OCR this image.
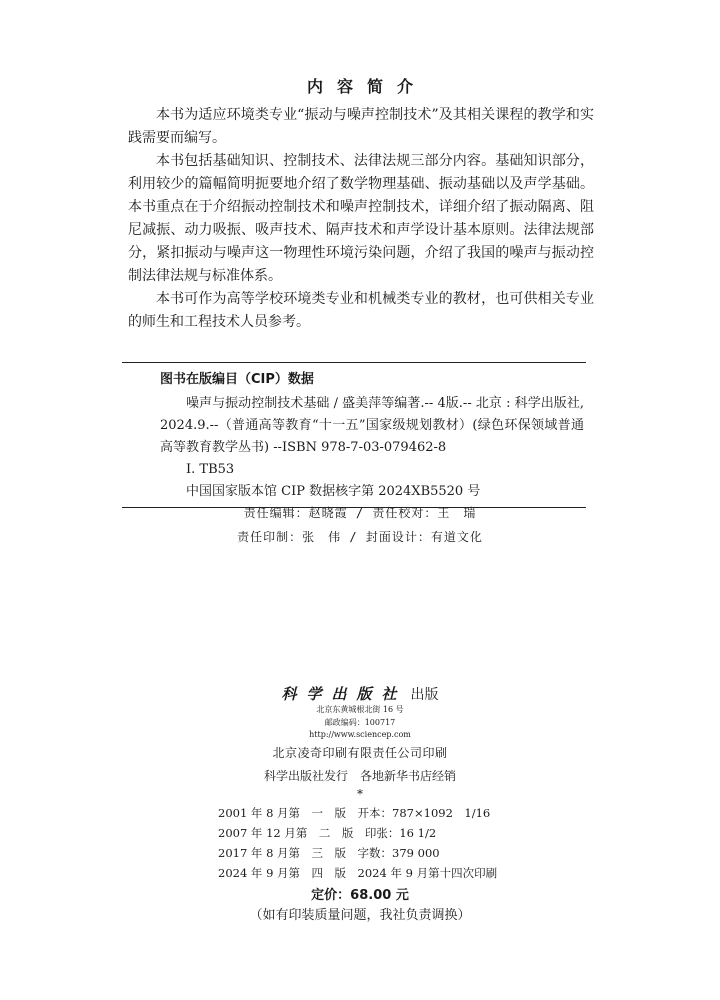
内容简介

本书为适应环境类专业“振动与噪声控制技术”及其相关课程的教学和实践需要而编写。

本书包括基础知识、控制技术、法律法规三部分内容。基础知识部分，利用较少的篇幅简明扼要地介绍了数学物理基础、振动基础以及声学基础。本书重点在于介绍振动控制技术和噪声控制技术，详细介绍了振动隔离、阻尼减振、动力吸振、吸声技术、隔声技术和声学设计基本原则。法律法规部分，紧扣振动与噪声这一物理性环境污染问题，介绍了我国的噪声与振动控制法律法规与标准体系。

本书可作为高等学校环境类专业和机械类专业的教材，也可供相关专业的师生和工程技术人员参考。

图书在版编目（CIP）数据
噪声与振动控制技术基础 / 盛美萍等编著.-- 4版.-- 北京 : 科学出版社, 2024.9.--（普通高等教育“十一五”国家级规划教材）(绿色环保领域普通高等教育教学丛书) --ISBN 978-7-03-079462-8
Ⅰ. TB53
中国国家版本馆 CIP 数据核字第 2024XB5520 号
责任编辑：赵晓霞 / 责任校对：王　瑞
责任印制：张　伟 / 封面设计：有道文化
科学出版社 出版
北京东黄城根北街 16 号
邮政编码：100717
http://www.sciencep.com
北京凌奇印刷有限责任公司印刷
科学出版社发行　各地新华书店经销
*
2001 年 8 月第　一　版　开本：787×1092　1/16
2007 年 12 月第　二　版　印张：16 1/2
2017 年 8 月第　三　版　字数：379 000
2024 年 9 月第　四　版　2024 年 9 月第十四次印刷
定价：68.00 元
（如有印装质量问题，我社负责调换）
